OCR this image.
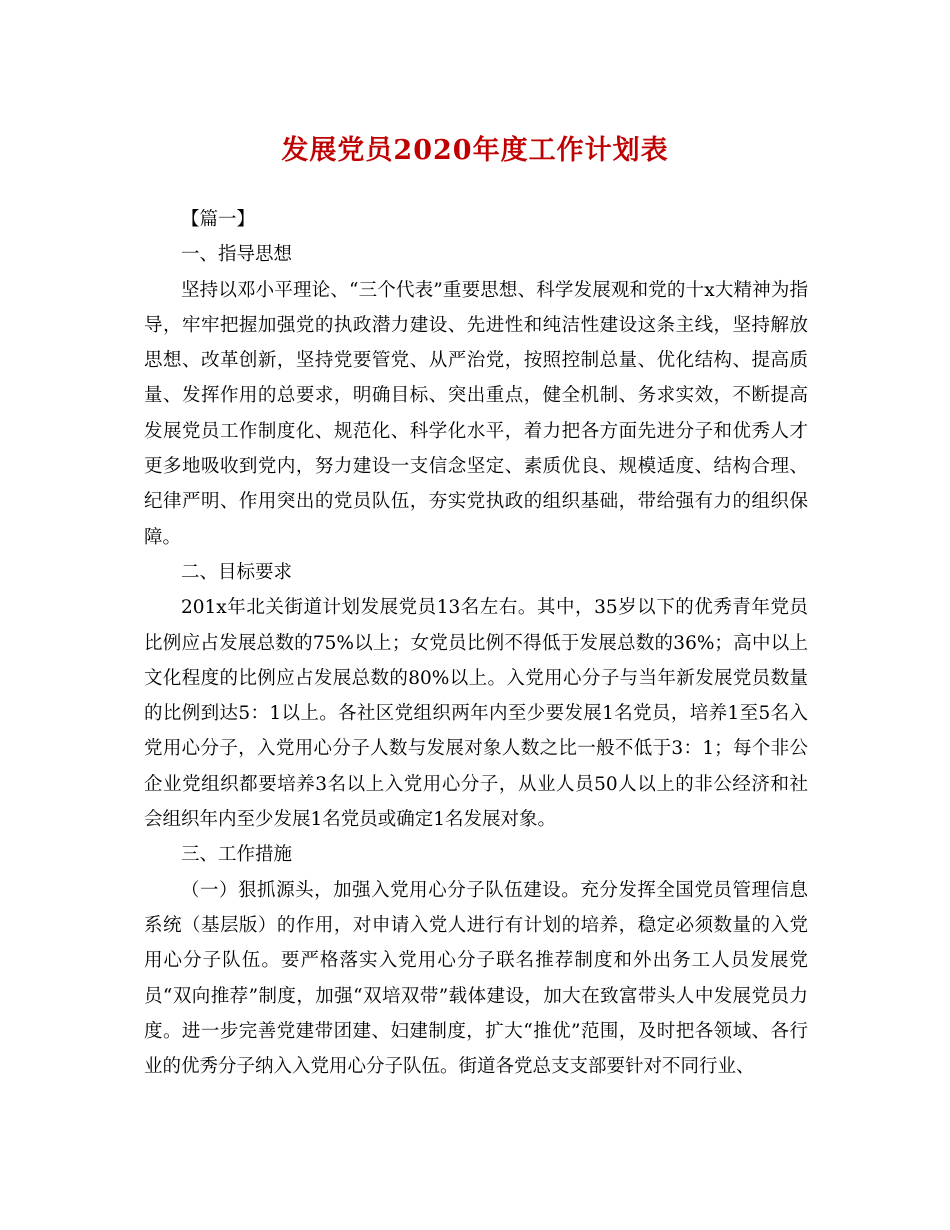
发展党员2020年度工作计划表

【篇一】

一、指导思想

坚持以邓小平理论、“三个代表”重要思想、科学发展观和党的十x大精神为指导，牢牢把握加强党的执政潜力建设、先进性和纯洁性建设这条主线，坚持解放思想、改革创新，坚持党要管党、从严治党，按照控制总量、优化结构、提高质量、发挥作用的总要求，明确目标、突出重点，健全机制、务求实效，不断提高发展党员工作制度化、规范化、科学化水平，着力把各方面先进分子和优秀人才更多地吸收到党内，努力建设一支信念坚定、素质优良、规模适度、结构合理、纪律严明、作用突出的党员队伍，夯实党执政的组织基础，带给强有力的组织保障。

二、目标要求

201x年北关街道计划发展党员13名左右。其中，35岁以下的优秀青年党员比例应占发展总数的75%以上；女党员比例不得低于发展总数的36%；高中以上文化程度的比例应占发展总数的80%以上。入党用心分子与当年新发展党员数量的比例到达5：1以上。各社区党组织两年内至少要发展1名党员，培养1至5名入党用心分子，入党用心分子人数与发展对象人数之比一般不低于3：1；每个非公企业党组织都要培养3名以上入党用心分子，从业人员50人以上的非公经济和社会组织年内至少发展1名党员或确定1名发展对象。

三、工作措施

（一）狠抓源头，加强入党用心分子队伍建设。充分发挥全国党员管理信息系统（基层版）的作用，对申请入党人进行有计划的培养，稳定必须数量的入党用心分子队伍。要严格落实入党用心分子联名推荐制度和外出务工人员发展党员“双向推荐”制度，加强“双培双带”载体建设，加大在致富带头人中发展党员力度。进一步完善党建带团建、妇建制度，扩大“推优”范围，及时把各领域、各行业的优秀分子纳入入党用心分子队伍。街道各党总支支部要针对不同行业、
